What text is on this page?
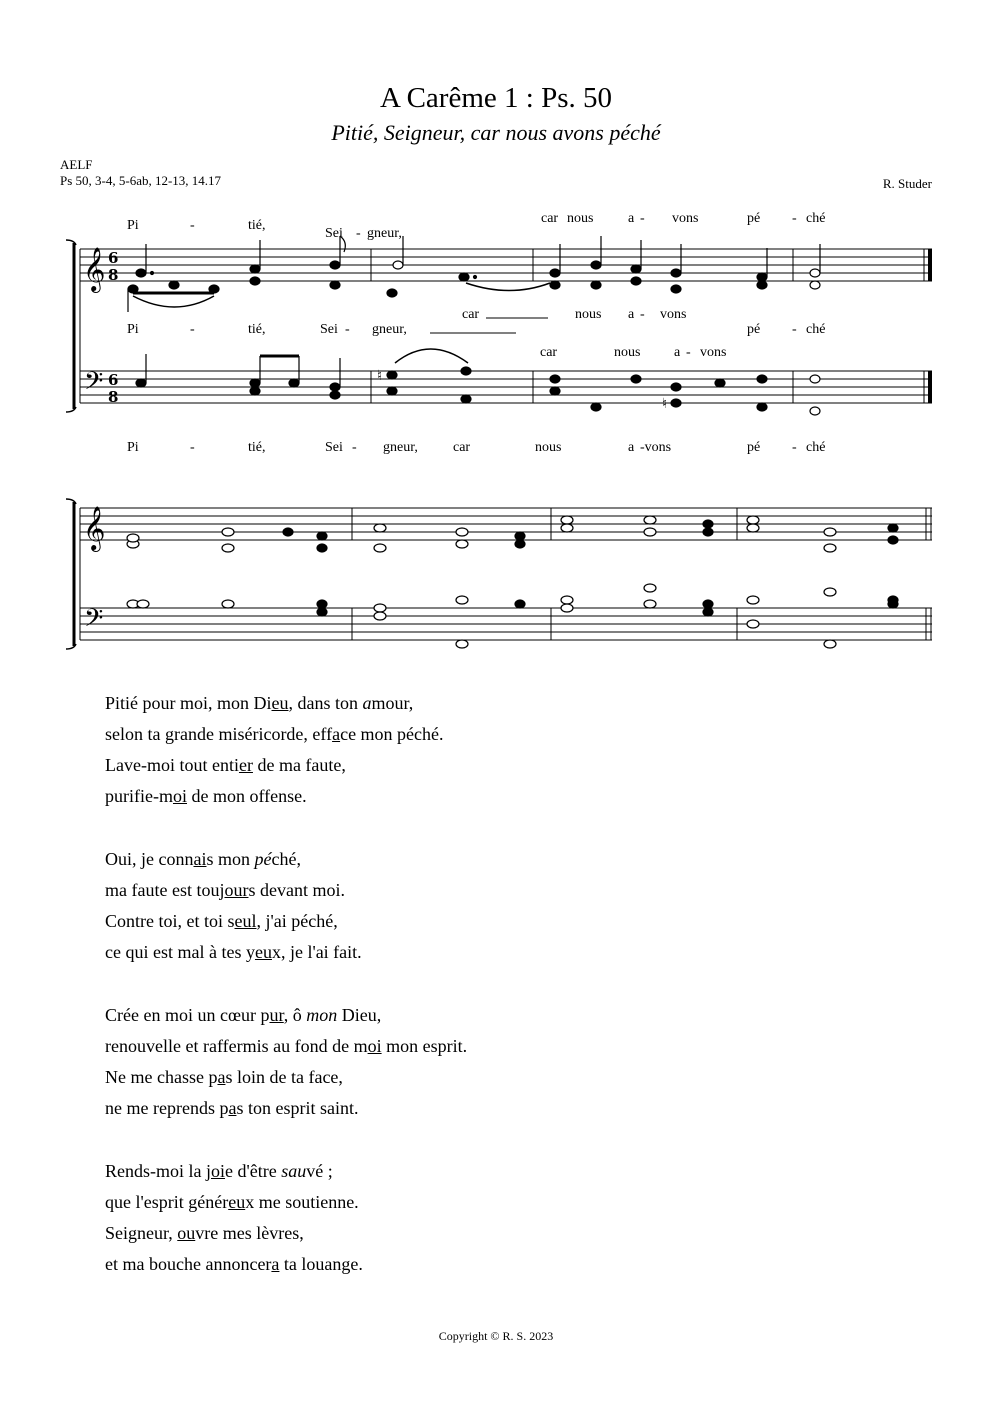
A Carême 1 : Ps. 50
Pitié, Seigneur, car nous avons péché
AELF
Ps 50, 3-4, 5-6ab, 12-13, 14.17	R. Studer
𝄞
𝄢
𝄞
𝄢
6
8
6
8
♮
♮
Pi	-	tié,
Sei - gneur,
car nous a - vons	pé - ché
Pi	-	tié,	Sei - gneur,
car	nous a - vons
pé - ché
car	nous a - vons
Pi	-	tié,	Sei - gneur,	car	nous	a -vons	pé - ché
Pitié pour moi, mon Dieu, dans ton amour,
selon ta grande miséricorde, efface mon péché.
Lave-moi tout entier de ma faute,
purifie-moi de mon offense.
Oui, je connais mon péché,
ma faute est toujours devant moi.
Contre toi, et toi seul, j'ai péché,
ce qui est mal à tes yeux, je l'ai fait.
Crée en moi un cœur pur, ô mon Dieu,
renouvelle et raffermis au fond de moi mon esprit.
Ne me chasse pas loin de ta face,
ne me reprends pas ton esprit saint.
Rends-moi la joie d'être sauvé ;
que l'esprit généreux me soutienne.
Seigneur, ouvre mes lèvres,
et ma bouche annoncera ta louange.
Copyright © R. S. 2023
